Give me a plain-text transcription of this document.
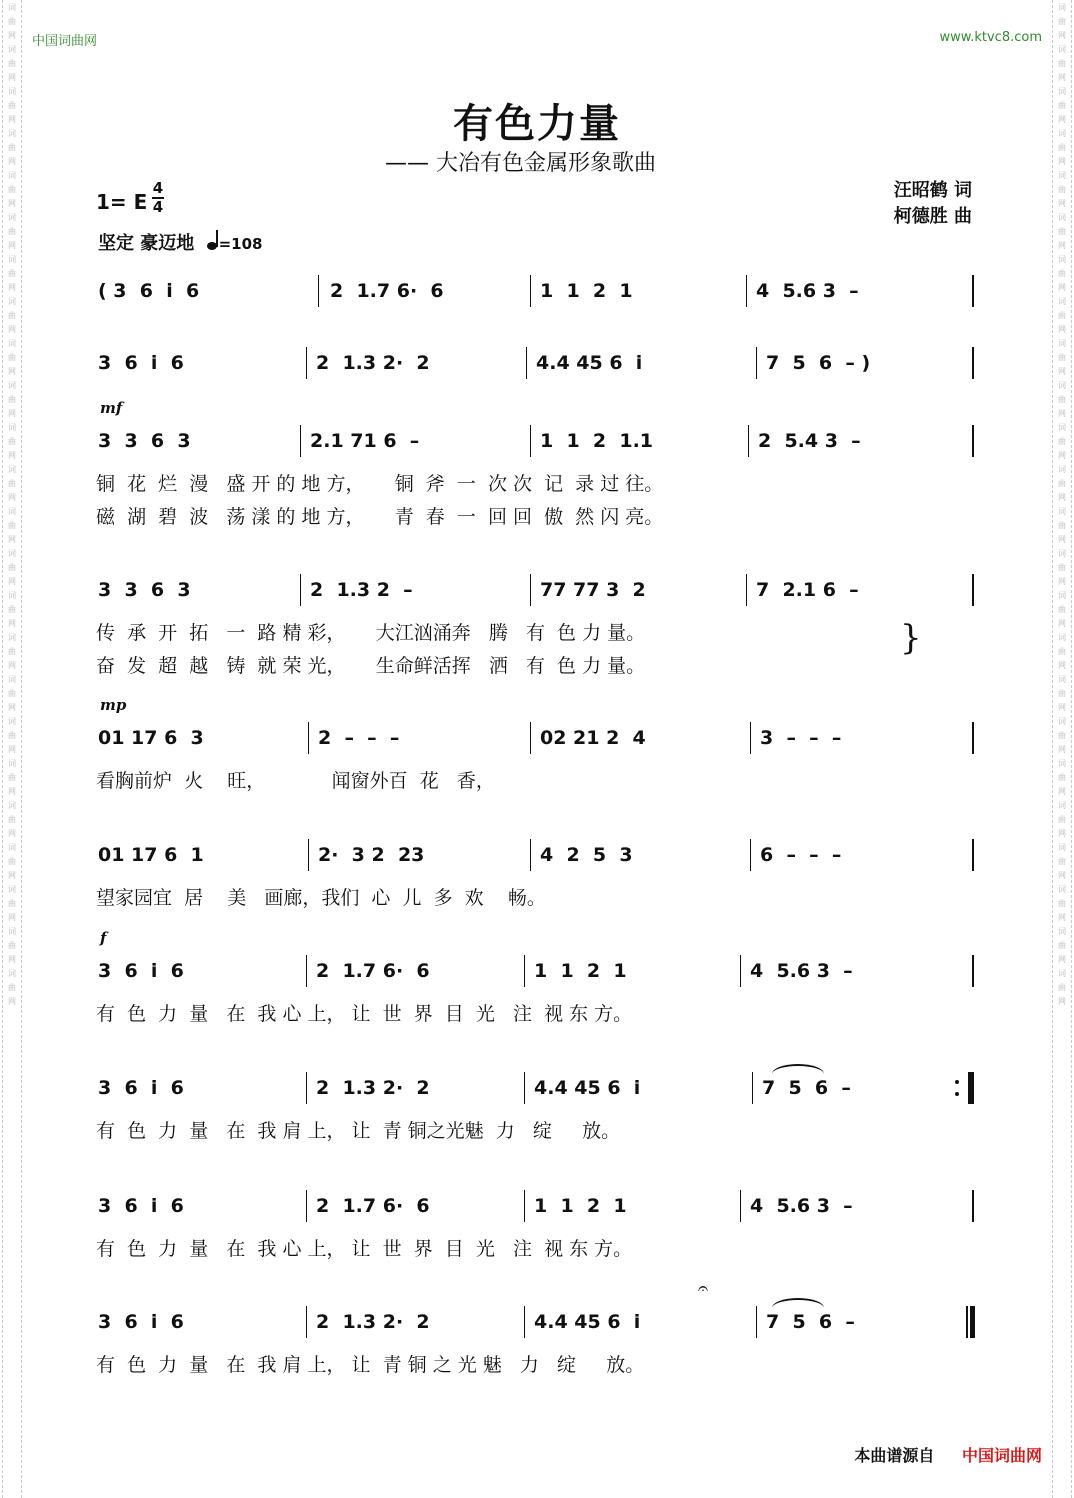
词
曲
网
词
曲
网
词
曲
网
词
曲
网
词
曲
网
词
曲
网
词
曲
网
词
曲
网
词
曲
网
词
曲
网
词
曲
网
词
曲
网
词
曲
网
词
曲
网
词
曲
网
词
曲
网
词
曲
网
词
曲
网
词
曲
网
词
曲
网
词
曲
网
词
曲
网
词
曲
网
词
曲
网
词
曲
网
词
曲
网
词
曲
网
词
曲
网
词
曲
网
词
曲
网
词
曲
网
词
曲
网
词
曲
网
词
曲
网
词
曲
网
词
曲
网
词
曲
网
词
曲
网
词
曲
网
词
曲
网
词
曲
网
词
曲
网
词
曲
网
词
曲
网
词
曲
网
词
曲
网
词
曲
网
词
曲
网
中国词曲网	www.ktvc8.com
有色力量
—— 大冶有色金属形象歌曲
汪昭鹤 词
柯德胜 曲
1= E
4
4
坚定 豪迈地 =108
( 3  6  i  6	2  1.7 6·  6	1  1  2  1	4  5.6 3  –
3  6  i  6	2  1.3 2·  2	4.4 45 6  i	7  5  6  – )
3  3  6  3	2.1 71 6  –	1  1  2  1.1	2  5.4 3  –
铜  花  烂  漫   盛 开 的 地 方，     铜  斧  一  次 次  记  录 过 往。
磁  湖  碧  波   荡 漾 的 地 方，     青  春  一  回 回  傲  然 闪 亮。
mf
3  3  6  3	2  1.3 2  –	77 77 3  2	7  2.1 6  –
传  承  开  拓   一  路 精 彩，     大江汹涌奔   腾   有  色 力 量。
奋  发  超  越   铸  就 荣 光，     生命鲜活挥   洒   有  色 力 量。
}
01 17 6  3	2  –  –  –	02 21 2  4	3  –  –  –
看胸前炉  火    旺，           闻窗外百  花   香，
mp
01 17 6  1	2·  3 2  23	4  2  5  3	6  –  –  –
望家园宜  居    美   画廊，我们  心  儿  多  欢    畅。
3  6  i  6	2  1.7 6·  6	1  1  2  1	4  5.6 3  –
有  色  力  量   在  我 心 上， 让  世  界  目  光   注  视 东 方。
f
3  6  i  6	2  1.3 2·  2	4.4 45 6  i	7  5  6  –
有  色  力  量   在  我 肩 上， 让  青 铜之光魅  力   绽     放。
3  6  i  6	2  1.7 6·  6	1  1  2  1	4  5.6 3  –
有  色  力  量   在  我 心 上， 让  世  界  目  光   注  视 东 方。
3  6  i  6	2  1.3 2·  2	4.4 45 6  i	7  5  6  –
有  色  力  量   在  我 肩 上， 让  青 铜 之 光 魅   力   绽     放。
𝄐
本曲谱源自 中国词曲网
